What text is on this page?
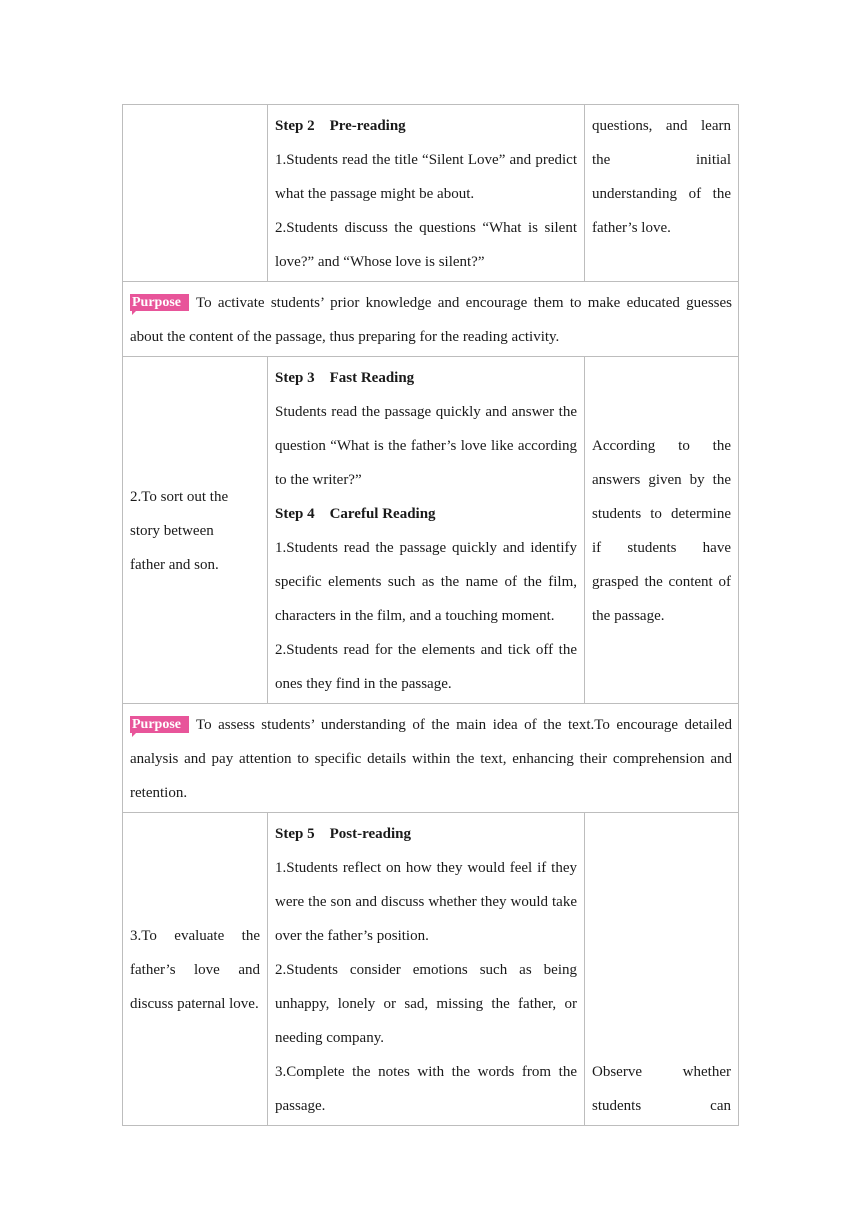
	Step 2    Pre-reading

1.Students read the title “Silent Love” and predict what the passage might be about.

2.Students discuss the questions “What is silent love?” and “Whose love is silent?”	questions, and learn the initial understanding of the father’s love.

Purpose To activate students’ prior knowledge and encourage them to make educated guesses about the content of the passage, thus preparing for the reading activity.		

2.To sort out the story between father and son.	Step 3    Fast Reading

Students read the passage quickly and answer the question “What is the father’s love like according to the writer?”

Step 4    Careful Reading

1.Students read the passage quickly and identify specific elements such as the name of the film, characters in the film, and a touching moment.

2.Students read for the elements and tick off the ones they find in the passage.	According to the answers given by the students to determine if students have grasped the content of the passage.

Purpose To assess students’ understanding of the main idea of the text.To encourage detailed analysis and pay attention to specific details within the text, enhancing their comprehension and retention.		

3.To evaluate the father’s love and discuss paternal love.	Step 5    Post-reading

1.Students reflect on how they would feel if they were the son and discuss whether they would take over the father’s position.

2.Students consider emotions such as being unhappy, lonely or sad, missing the father, or needing company.

3.Complete the notes with the words from the passage.	Observe whether students can
